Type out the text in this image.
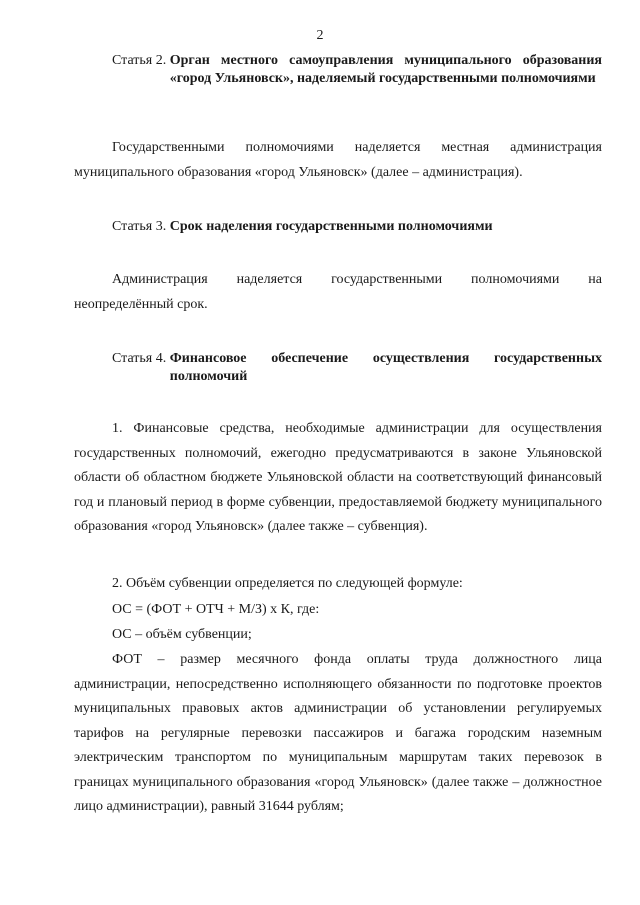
2
Статья 2. Орган местного самоуправления муниципального образования «город Ульяновск», наделяемый государственными полномочиями

Государственными полномочиями наделяется местная администрация муниципального образования «город Ульяновск» (далее – администрация).

Статья 3. Срок наделения государственными полномочиями

Администрация наделяется государственными полномочиями на неопределённый срок.

Статья 4. Финансовое обеспечение осуществления государственных полномочий

1. Финансовые средства, необходимые администрации для осуществления государственных полномочий, ежегодно предусматриваются в законе Ульяновской области об областном бюджете Ульяновской области на соответствующий финансовый год и плановый период в форме субвенции, предоставляемой бюджету муниципального образования «город Ульяновск» (далее также – субвенция).

2. Объём субвенции определяется по следующей формуле:

ОС = (ФОТ + ОТЧ + М/З) х К, где:

ОС – объём субвенции;

ФОТ – размер месячного фонда оплаты труда должностного лица администрации, непосредственно исполняющего обязанности по подготовке проектов муниципальных правовых актов администрации об установлении регулируемых тарифов на регулярные перевозки пассажиров и багажа городским наземным электрическим транспортом по муниципальным маршрутам таких перевозок в границах муниципального образования «город Ульяновск» (далее также – должностное лицо администрации), равный 31644 рублям;
